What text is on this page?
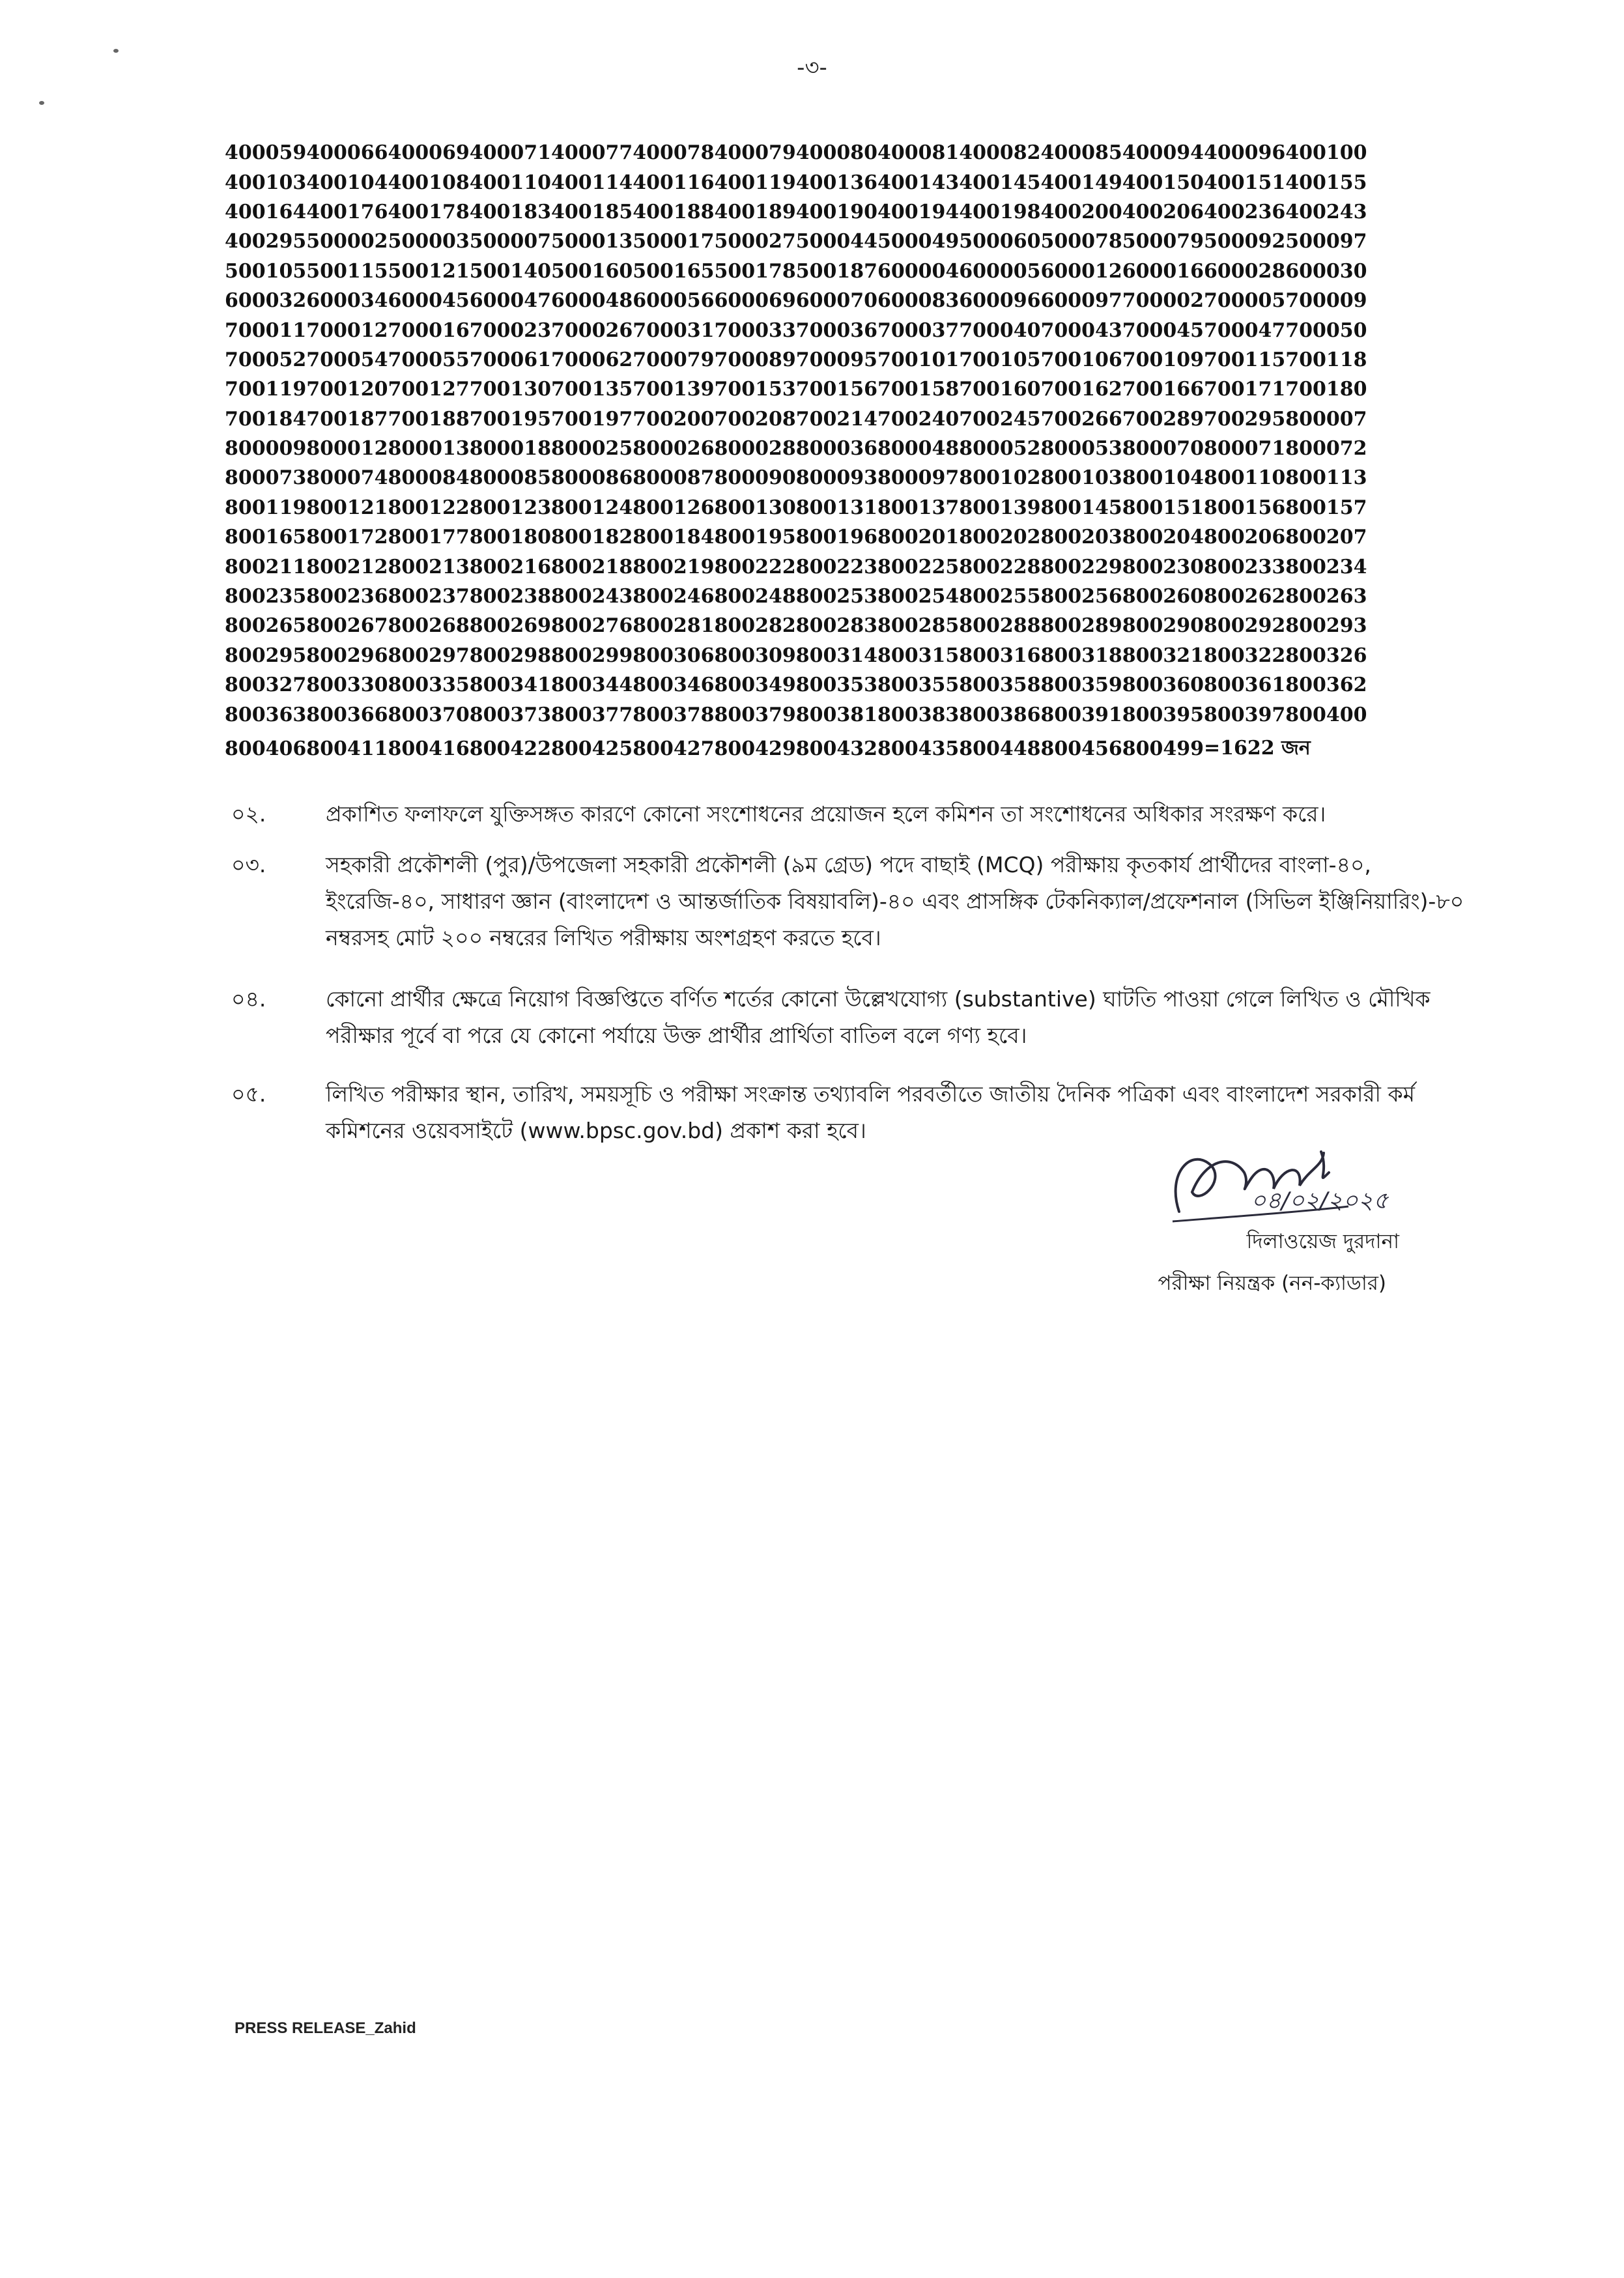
-৩-
400059	400066	400069	400071	400077	400078	400079	400080	400081	400082	400085	400094	400096	400100
400103	400104	400108	400110	400114	400116	400119	400136	400143	400145	400149	400150	400151	400155
400164	400176	400178	400183	400185	400188	400189	400190	400194	400198	400200	400206	400236	400243
400295	500002	500003	500007	500013	500017	500027	500044	500049	500060	500078	500079	500092	500097
500105	500115	500121	500140	500160	500165	500178	500187	600004	600005	600012	600016	600028	600030
600032	600034	600045	600047	600048	600056	600069	600070	600083	600096	600097	700002	700005	700009
700011	700012	700016	700023	700026	700031	700033	700036	700037	700040	700043	700045	700047	700050
700052	700054	700055	700061	700062	700079	700089	700095	700101	700105	700106	700109	700115	700118
700119	700120	700127	700130	700135	700139	700153	700156	700158	700160	700162	700166	700171	700180
700184	700187	700188	700195	700197	700200	700208	700214	700240	700245	700266	700289	700295	800007
800009	800012	800013	800018	800025	800026	800028	800036	800048	800052	800053	800070	800071	800072
800073	800074	800084	800085	800086	800087	800090	800093	800097	800102	800103	800104	800110	800113
800119	800121	800122	800123	800124	800126	800130	800131	800137	800139	800145	800151	800156	800157
800165	800172	800177	800180	800182	800184	800195	800196	800201	800202	800203	800204	800206	800207
800211	800212	800213	800216	800218	800219	800222	800223	800225	800228	800229	800230	800233	800234
800235	800236	800237	800238	800243	800246	800248	800253	800254	800255	800256	800260	800262	800263
800265	800267	800268	800269	800276	800281	800282	800283	800285	800288	800289	800290	800292	800293
800295	800296	800297	800298	800299	800306	800309	800314	800315	800316	800318	800321	800322	800326
800327	800330	800335	800341	800344	800346	800349	800353	800355	800358	800359	800360	800361	800362
800363	800366	800370	800373	800377	800378	800379	800381	800383	800386	800391	800395	800397	800400
800406	800411	800416	800422	800425	800427	800429	800432	800435	800448	800456	800499	=1622 জন	
০২.	প্রকাশিত ফলাফলে যুক্তিসঙ্গত কারণে কোনো সংশোধনের প্রয়োজন হলে কমিশন তা সংশোধনের অধিকার সংরক্ষণ করে।
০৩.	সহকারী প্রকৌশলী (পুর)/উপজেলা সহকারী প্রকৌশলী (৯ম গ্রেড) পদে বাছাই (MCQ) পরীক্ষায় কৃতকার্য প্রার্থীদের বাংলা-৪০, ইংরেজি-৪০, সাধারণ জ্ঞান (বাংলাদেশ ও আন্তর্জাতিক বিষয়াবলি)-৪০ এবং প্রাসঙ্গিক টেকনিক্যাল/প্রফেশনাল (সিভিল ইঞ্জিনিয়ারিং)-৮০ নম্বরসহ মোট ২০০ নম্বরের লিখিত পরীক্ষায় অংশগ্রহণ করতে হবে।
০৪.	কোনো প্রার্থীর ক্ষেত্রে নিয়োগ বিজ্ঞপ্তিতে বর্ণিত শর্তের কোনো উল্লেখযোগ্য (substantive) ঘাটতি পাওয়া গেলে লিখিত ও মৌখিক পরীক্ষার পূর্বে বা পরে যে কোনো পর্যায়ে উক্ত প্রার্থীর প্রার্থিতা বাতিল বলে গণ্য হবে।
০৫.	লিখিত পরীক্ষার স্থান, তারিখ, সময়সূচি ও পরীক্ষা সংক্রান্ত তথ্যাবলি পরবর্তীতে জাতীয় দৈনিক পত্রিকা এবং বাংলাদেশ সরকারী কর্ম কমিশনের ওয়েবসাইটে (www.bpsc.gov.bd) প্রকাশ করা হবে।
০৪/০২/২০২৫
দিলাওয়েজ দুরদানা
পরীক্ষা নিয়ন্ত্রক (নন-ক্যাডার)
PRESS RELEASE_Zahid
